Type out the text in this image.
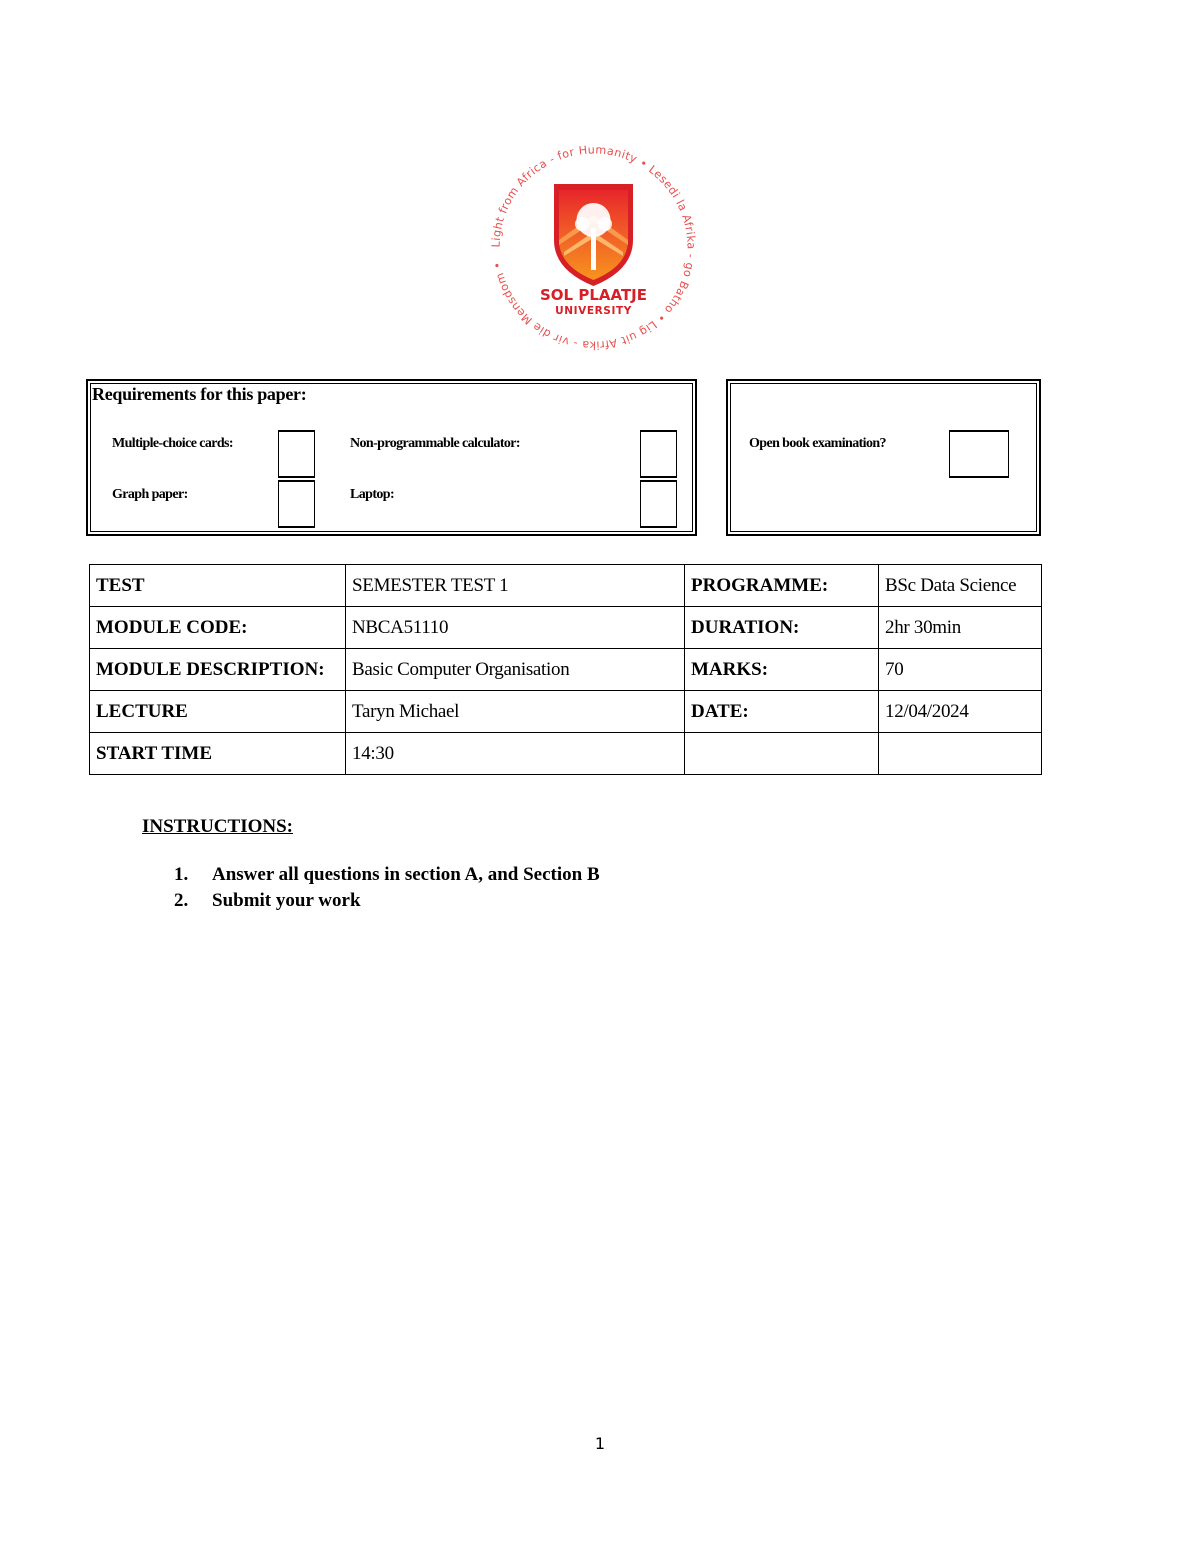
Light from Africa - for Humanity • Lesedi la Afrika - go Batho • Lig uit Afrika - vir die Mensdom •
SOL PLAATJE
UNIVERSITY
Requirements for this paper:
Multiple-choice cards:	Non-programmable calculator:
Graph paper:	Laptop:
Open book examination?
TEST	SEMESTER TEST 1	PROGRAMME:	BSc Data Science
MODULE CODE:	NBCA51110	DURATION:	2hr 30min
MODULE DESCRIPTION:	Basic Computer Organisation	MARKS:	70
LECTURE	Taryn Michael	DATE:	12/04/2024
START TIME	14:30		
INSTRUCTIONS:
1.	Answer all questions in section A, and Section B
2.	Submit your work
1
